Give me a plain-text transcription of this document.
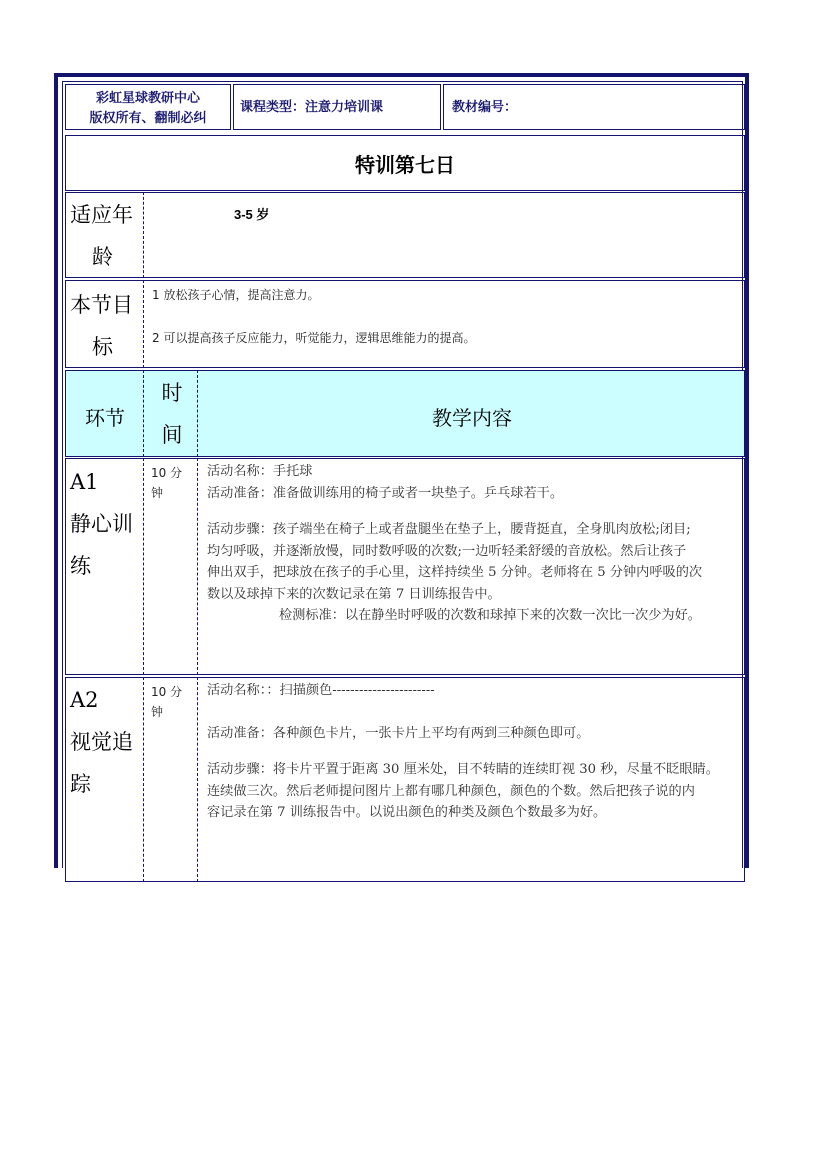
彩虹星球教研中心
版权所有、翻制必纠
课程类型：注意力培训课	教材编号：
特训第七日
适应年
龄
3-5 岁
本节目
标
1 放松孩子心情，提高注意力。
2 可以提高孩子反应能力，听觉能力，逻辑思维能力的提高。
环节
时
间
教学内容
A1
静心训
练
10 分
钟
活动名称：手托球
活动准备：准备做训练用的椅子或者一块垫子。乒乓球若干。
活动步骤：孩子端坐在椅子上或者盘腿坐在垫子上，腰背挺直，全身肌肉放松;闭目;
均匀呼吸，并逐渐放慢，同时数呼吸的次数;一边听轻柔舒缓的音放松。然后让孩子
伸出双手，把球放在孩子的手心里，这样持续坐 5 分钟。老师将在 5 分钟内呼吸的次
数以及球掉下来的次数记录在第 7 日训练报告中。
检测标准：以在静坐时呼吸的次数和球掉下来的次数一次比一次少为好。
A2
视觉追
踪
10 分
钟
活动名称：：扫描颜色-----------------------
活动准备：各种颜色卡片，一张卡片上平均有两到三种颜色即可。
活动步骤：将卡片平置于距离 30 厘米处，目不转睛的连续盯视 30 秒，尽量不眨眼睛。
连续做三次。然后老师提问图片上都有哪几种颜色，颜色的个数。然后把孩子说的内
容记录在第 7 训练报告中。以说出颜色的种类及颜色个数最多为好。
